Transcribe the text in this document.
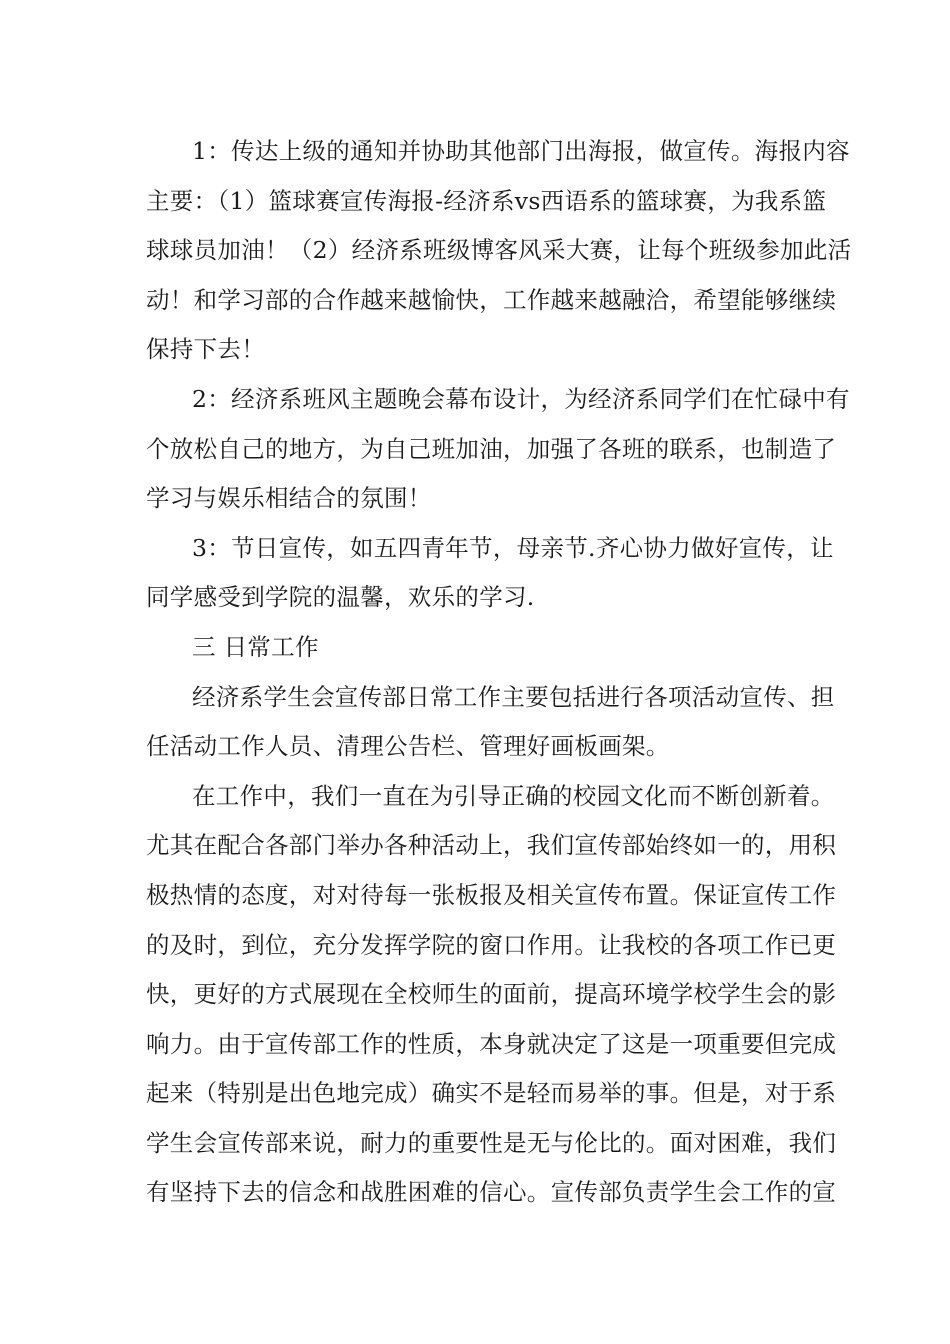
1：传达上级的通知并协助其他部门出海报，做宣传。海报内容
主要：（1）篮球赛宣传海报-经济系vs西语系的篮球赛，为我系篮
球球员加油！（2）经济系班级博客风采大赛，让每个班级参加此活
动！和学习部的合作越来越愉快，工作越来越融洽，希望能够继续
保持下去！
2：经济系班风主题晚会幕布设计，为经济系同学们在忙碌中有
个放松自己的地方，为自己班加油，加强了各班的联系，也制造了
学习与娱乐相结合的氛围！
3：节日宣传，如五四青年节，母亲节.齐心协力做好宣传，让
同学感受到学院的温馨，欢乐的学习.
三 日常工作
经济系学生会宣传部日常工作主要包括进行各项活动宣传、担
任活动工作人员、清理公告栏、管理好画板画架。
在工作中，我们一直在为引导正确的校园文化而不断创新着。
尤其在配合各部门举办各种活动上，我们宣传部始终如一的，用积
极热情的态度，对对待每一张板报及相关宣传布置。保证宣传工作
的及时，到位，充分发挥学院的窗口作用。让我校的各项工作已更
快，更好的方式展现在全校师生的面前，提高环境学校学生会的影
响力。由于宣传部工作的性质，本身就决定了这是一项重要但完成
起来（特别是出色地完成）确实不是轻而易举的事。但是，对于系
学生会宣传部来说，耐力的重要性是无与伦比的。面对困难，我们
有坚持下去的信念和战胜困难的信心。宣传部负责学生会工作的宣
